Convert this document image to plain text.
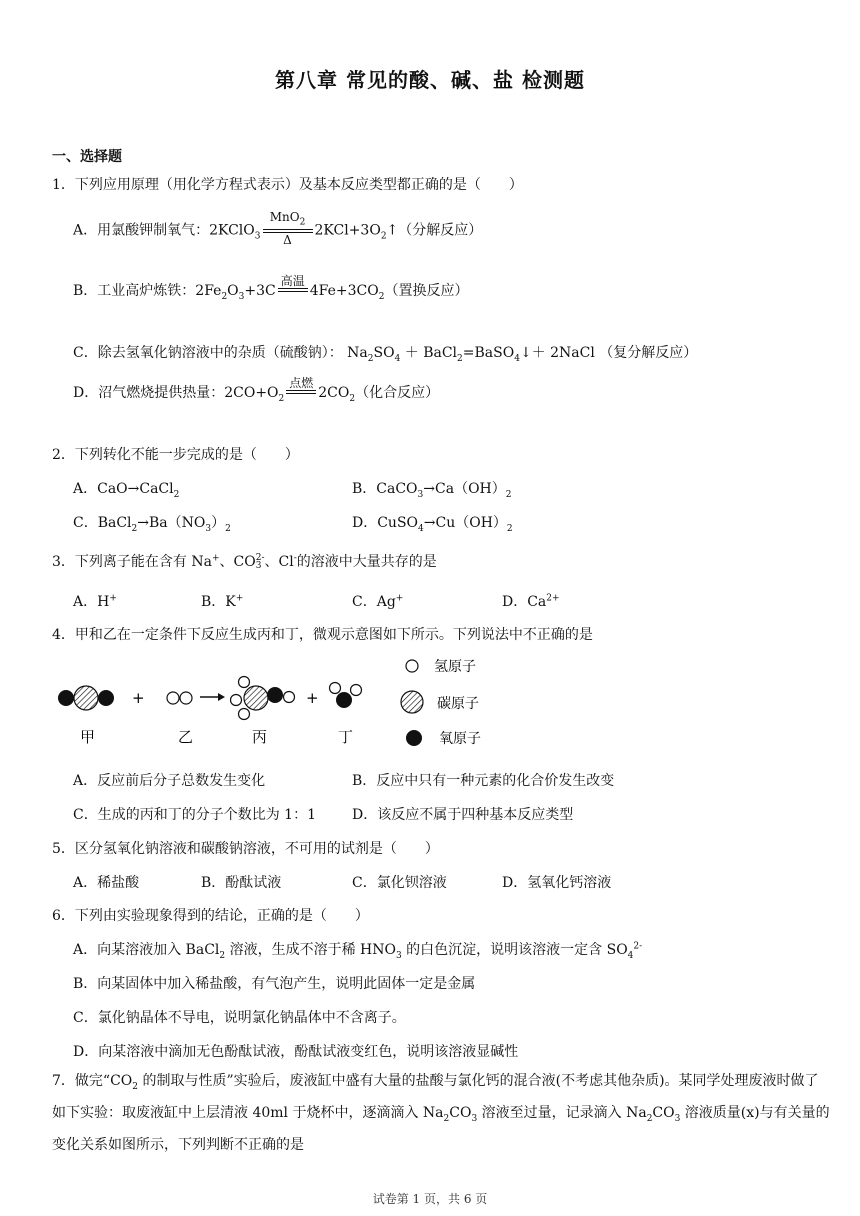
第八章 常见的酸、碱、盐 检测题
一、选择题
1．下列应用原理（用化学方程式表示）及基本反应类型都正确的是（　　）
A．用氯酸钾制氧气：2KClO$_3$
MnO$_2$
Δ
$2KCl+3O_2↑$（分解反应）
B．工业高炉炼铁：$2Fe_2O_3+3C$
高温
$4Fe+3CO_2$（置换反应）
C．除去氢氧化钠溶液中的杂质（硫酸钠）： $Na_2SO_4$ ＋ BaCl$_2$=BaSO$_4$↓＋ 2NaCl （复分解反应）
D．沼气燃烧提供热量：$2CO+O_2$
点燃
$2CO_2$（化合反应）
2．下列转化不能一步完成的是（　　）
A．CaO→CaCl$_2$	B．$CaCO_3\to Ca(OH)_2$
C．$BaCl_2\to Ba(NO_3)_2$	D．$CuSO_4\to Cu(OH)_2$
3．下列离子能在含有 Na+、CO 2-
3 、Cl-的溶液中大量共存的是
A．H+	B．K+	C．Ag+	D．$Ca^{2+}$
4．甲和乙在一定条件下反应生成丙和丁，微观示意图如下所示。下列说法中不正确的是
+	+
氢原子
碳原子
氧原子
甲	乙	丙	丁
A．反应前后分子总数发生变化	B．反应中只有一种元素的化合价发生改变
C．生成的丙和丁的分子个数比为 1：1	D．该反应不属于四种基本反应类型
5．区分氢氧化钠溶液和碳酸钠溶液，不可用的试剂是（　　）
A．稀盐酸	B．酚酞试液	C．氯化钡溶液	D．氢氧化钙溶液
6．下列由实验现象得到的结论，正确的是（　　）
A．向某溶液加入 BaCl$_2$ 溶液，生成不溶于稀 $HNO_3$ 的白色沉淀，说明该溶液一定含 $SO_4^{2-}$
B．向某固体中加入稀盐酸，有气泡产生，说明此固体一定是金属
C．氯化钠晶体不导电，说明氯化钠晶体中不含离子。
D．向某溶液中滴加无色酚酞试液，酚酞试液变红色，说明该溶液显碱性
7．做完“$CO_2$ 的制取与性质”实验后，废液缸中盛有大量的盐酸与氯化钙的混合液(不考虑其他杂质)。某同学处理废液时做了如下实验：取废液缸中上层清液 40ml 于烧杯中，逐滴滴入 $Na_2CO_3$ 溶液至过量，记录滴入 $Na_2CO_3$ 溶液质量(x)与有关量的变化关系如图所示，下列判断不正确的是
试卷第 1 页，共 6 页
